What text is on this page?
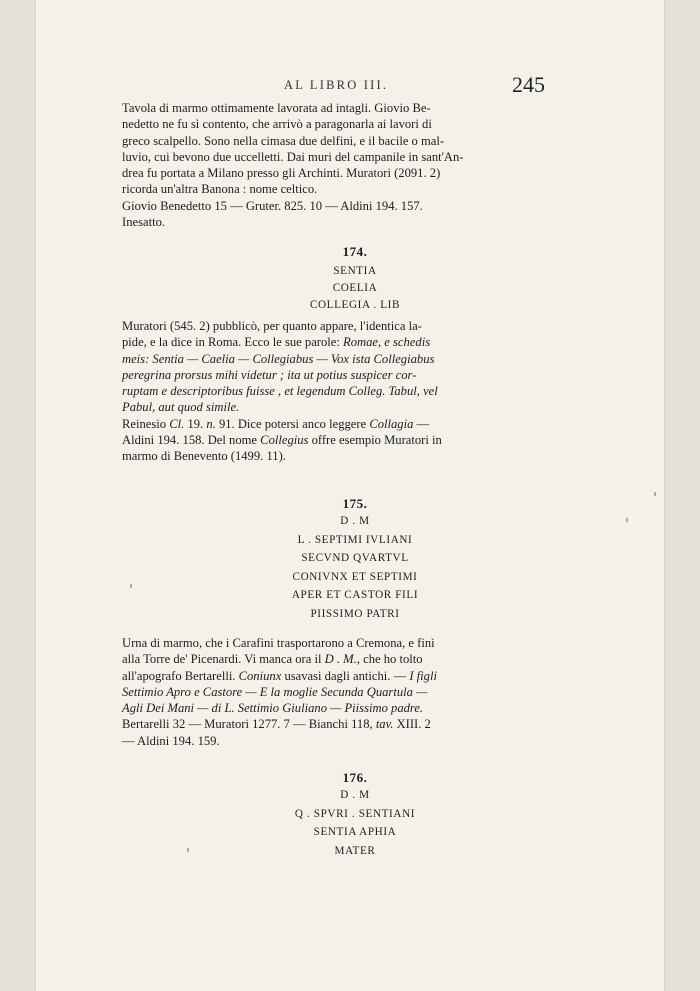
AL LIBRO III.	245
Tavola di marmo ottimamente lavorata ad intagli. Giovio Be-
nedetto ne fu sì contento, che arrivò a paragonarla ai lavori di
greco scalpello. Sono nella cimasa due delfini, e il bacile o mal-
luvio, cui bevono due uccelletti. Dai muri del campanile in sant'An-
drea fu portata a Milano presso gli Archinti. Muratori (2091. 2)
ricorda un'altra Banona : nome celtico.
Giovio Benedetto 15 — Gruter. 825. 10 — Aldini 194. 157.
Inesatto.
174.
SENTIA
COELIA
COLLEGIA . LIB
Muratori (545. 2) pubblicò, per quanto appare, l'identica la-
pide, e la dice in Roma. Ecco le sue parole: Romae, e schedis
meis: Sentia — Caelia — Collegiabus — Vox ista Collegiabus
peregrina prorsus mihi videtur ; ita ut potius suspicer cor-
ruptam e descriptoribus fuisse , et legendum Colleg. Tabul, vel
Pabul, aut quod simile.
Reinesio Cl. 19. n. 91. Dice potersi anco leggere Collagia —
Aldini 194. 158. Del nome Collegius offre esempio Muratori in
marmo di Benevento (1499. 11).
175.
D . M
L . SEPTIMI IVLIANI
SECVND QVARTVL
CONIVNX ET SEPTIMI
APER ET CASTOR FILI
PIISSIMO PATRI
Urna di marmo, che i Carafini trasportarono a Cremona, e finì
alla Torre de' Picenardi. Vi manca ora il D . M., che ho tolto
all'apografo Bertarelli. Coniunx usavasi dagli antichi. — I figli
Settimio Apro e Castore — E la moglie Secunda Quartula —
Agli Dei Mani — di L. Settimio Giuliano — Piissimo padre.
Bertarelli 32 — Muratori 1277. 7 — Bianchi 118, tav. XIII. 2
— Aldini 194. 159.
176.
D . M
Q . SPVRI . SENTIANI
SENTIA APHIA
MATER
